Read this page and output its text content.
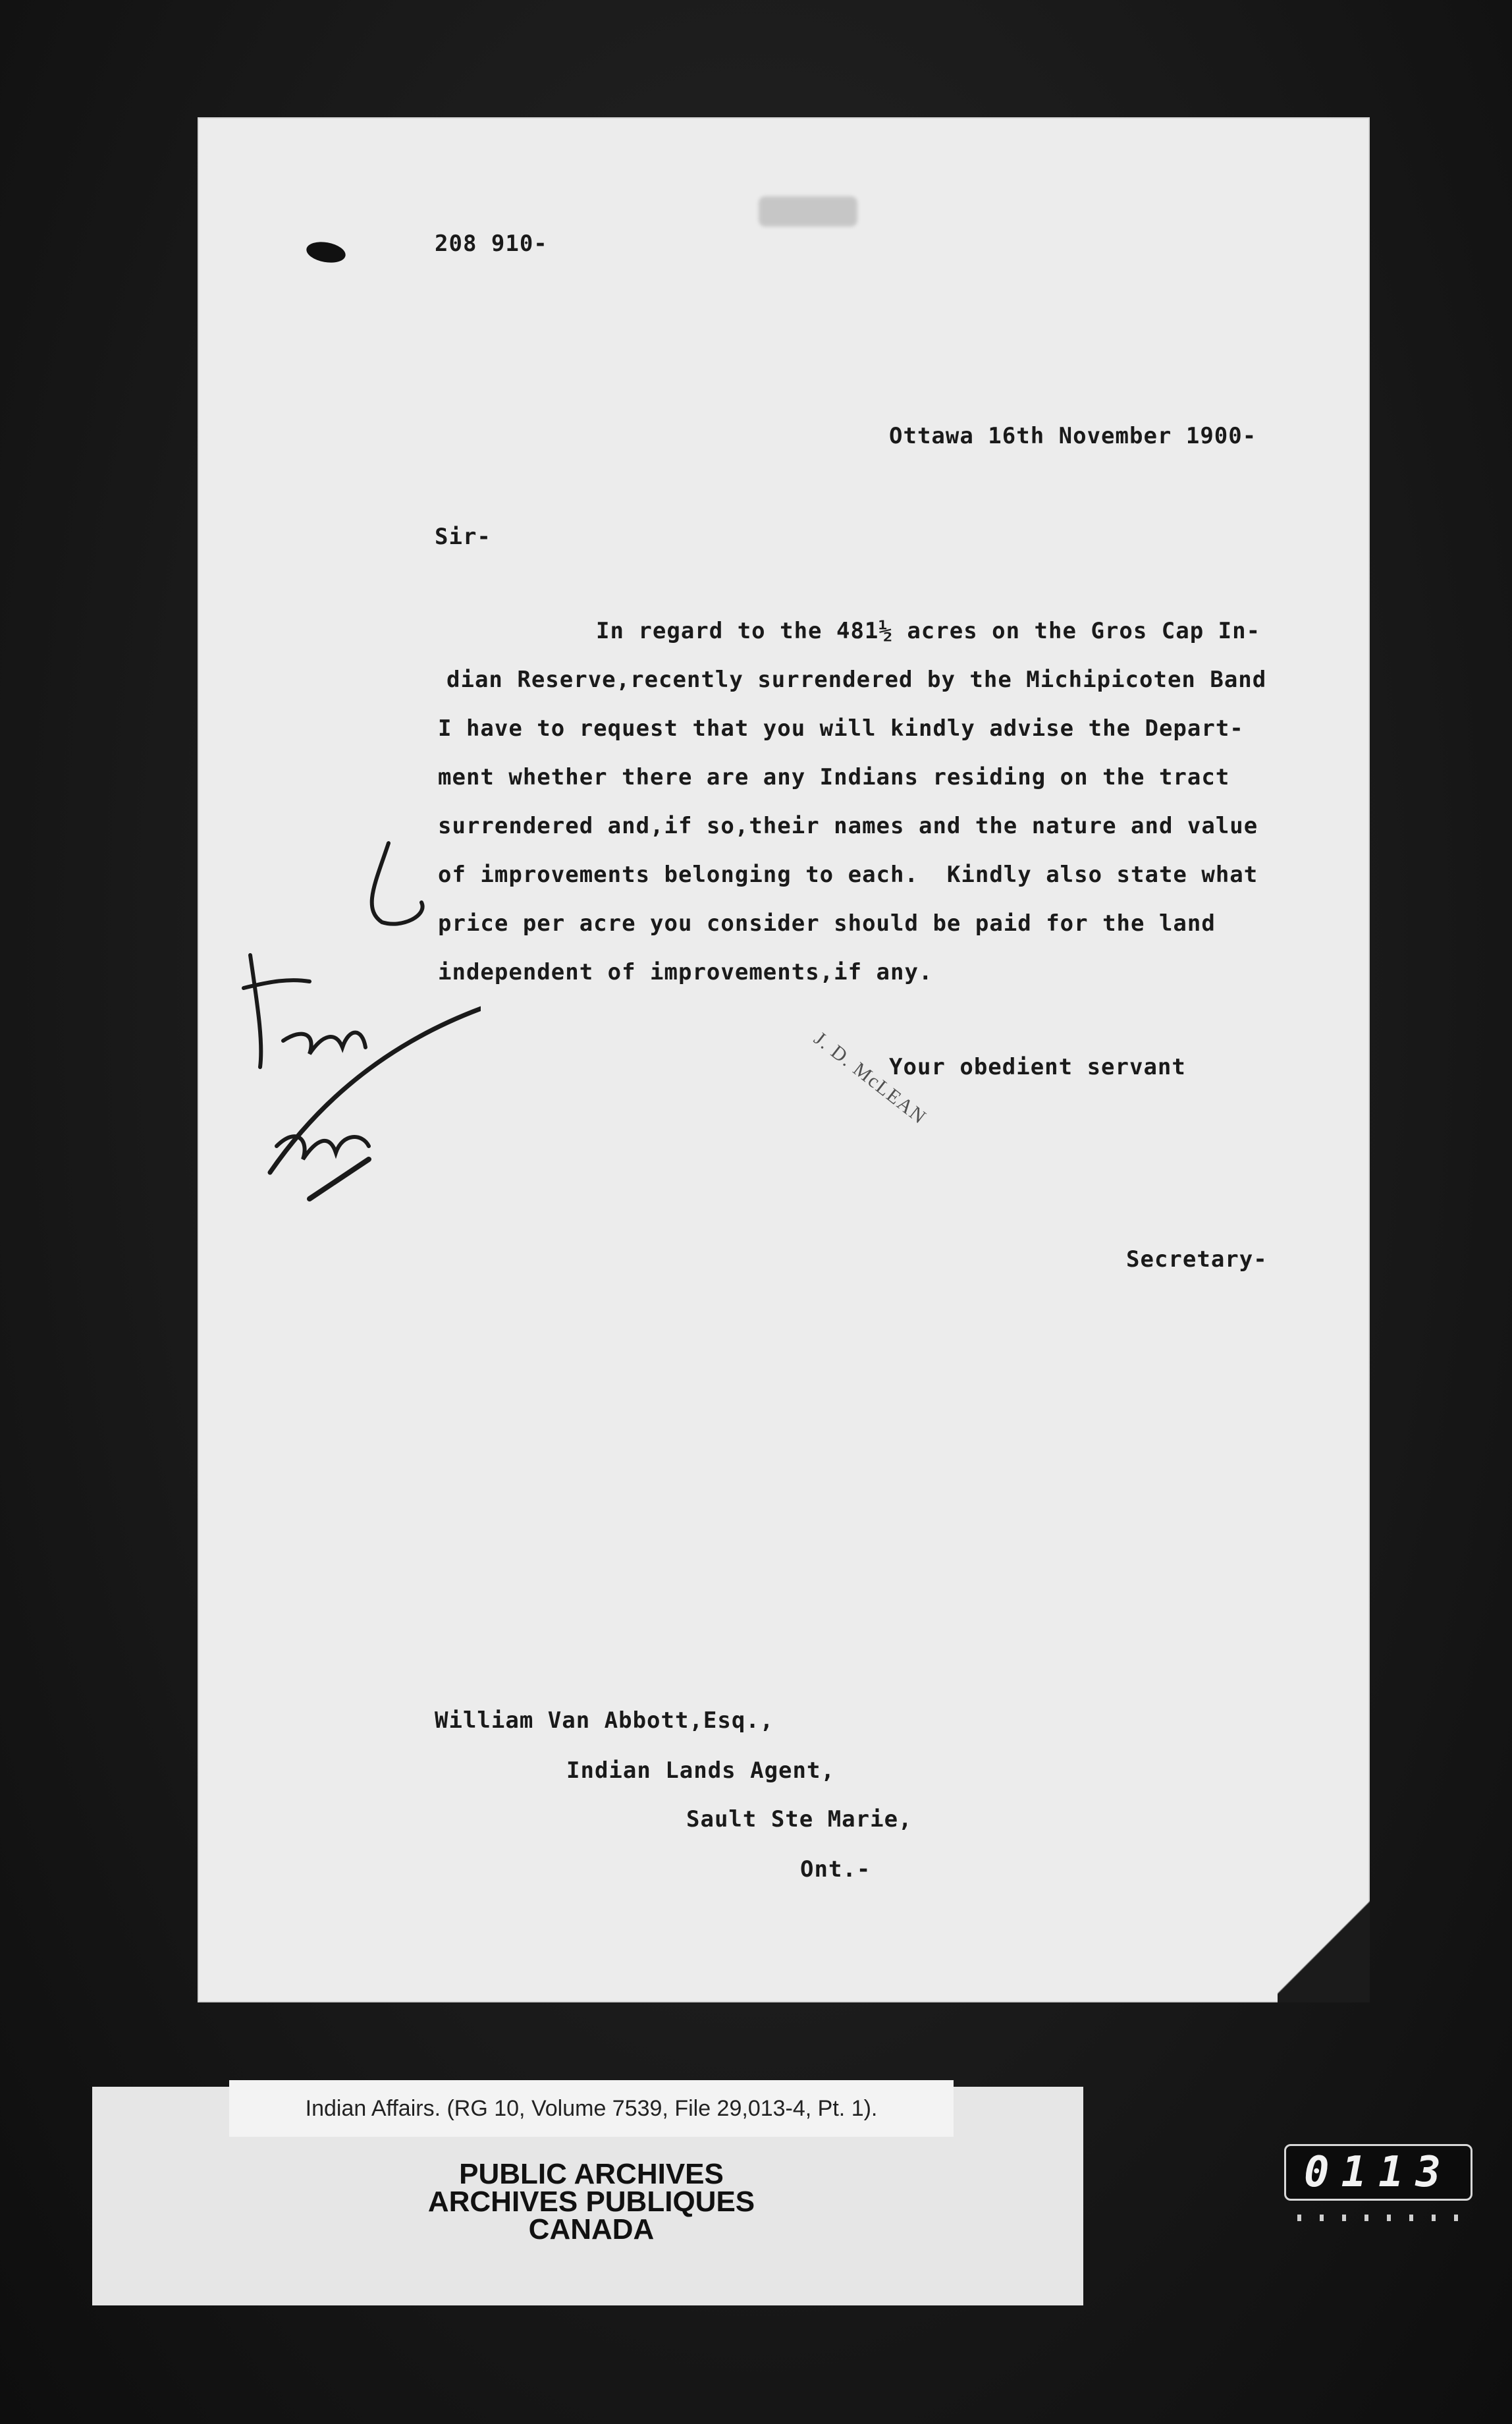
208 910-
Ottawa 16th November 1900-
Sir-
In regard to the 481½ acres on the Gros Cap In-
dian Reserve,recently surrendered by the Michipicoten Band
I have to request that you will kindly advise the Depart-
ment whether there are any Indians residing on the tract
surrendered and,if so,their names and the nature and value
of improvements belonging to each.  Kindly also state what
price per acre you consider should be paid for the land
independent of improvements,if any.
Your obedient servant
J. D. McLEAN
Secretary-
William Van Abbott,Esq.,
Indian Lands Agent,
Sault Ste Marie,
Ont.-
Indian Affairs. (RG 10, Volume 7539, File 29,013-4, Pt. 1).
PUBLIC ARCHIVES
ARCHIVES PUBLIQUES
CANADA
0113
